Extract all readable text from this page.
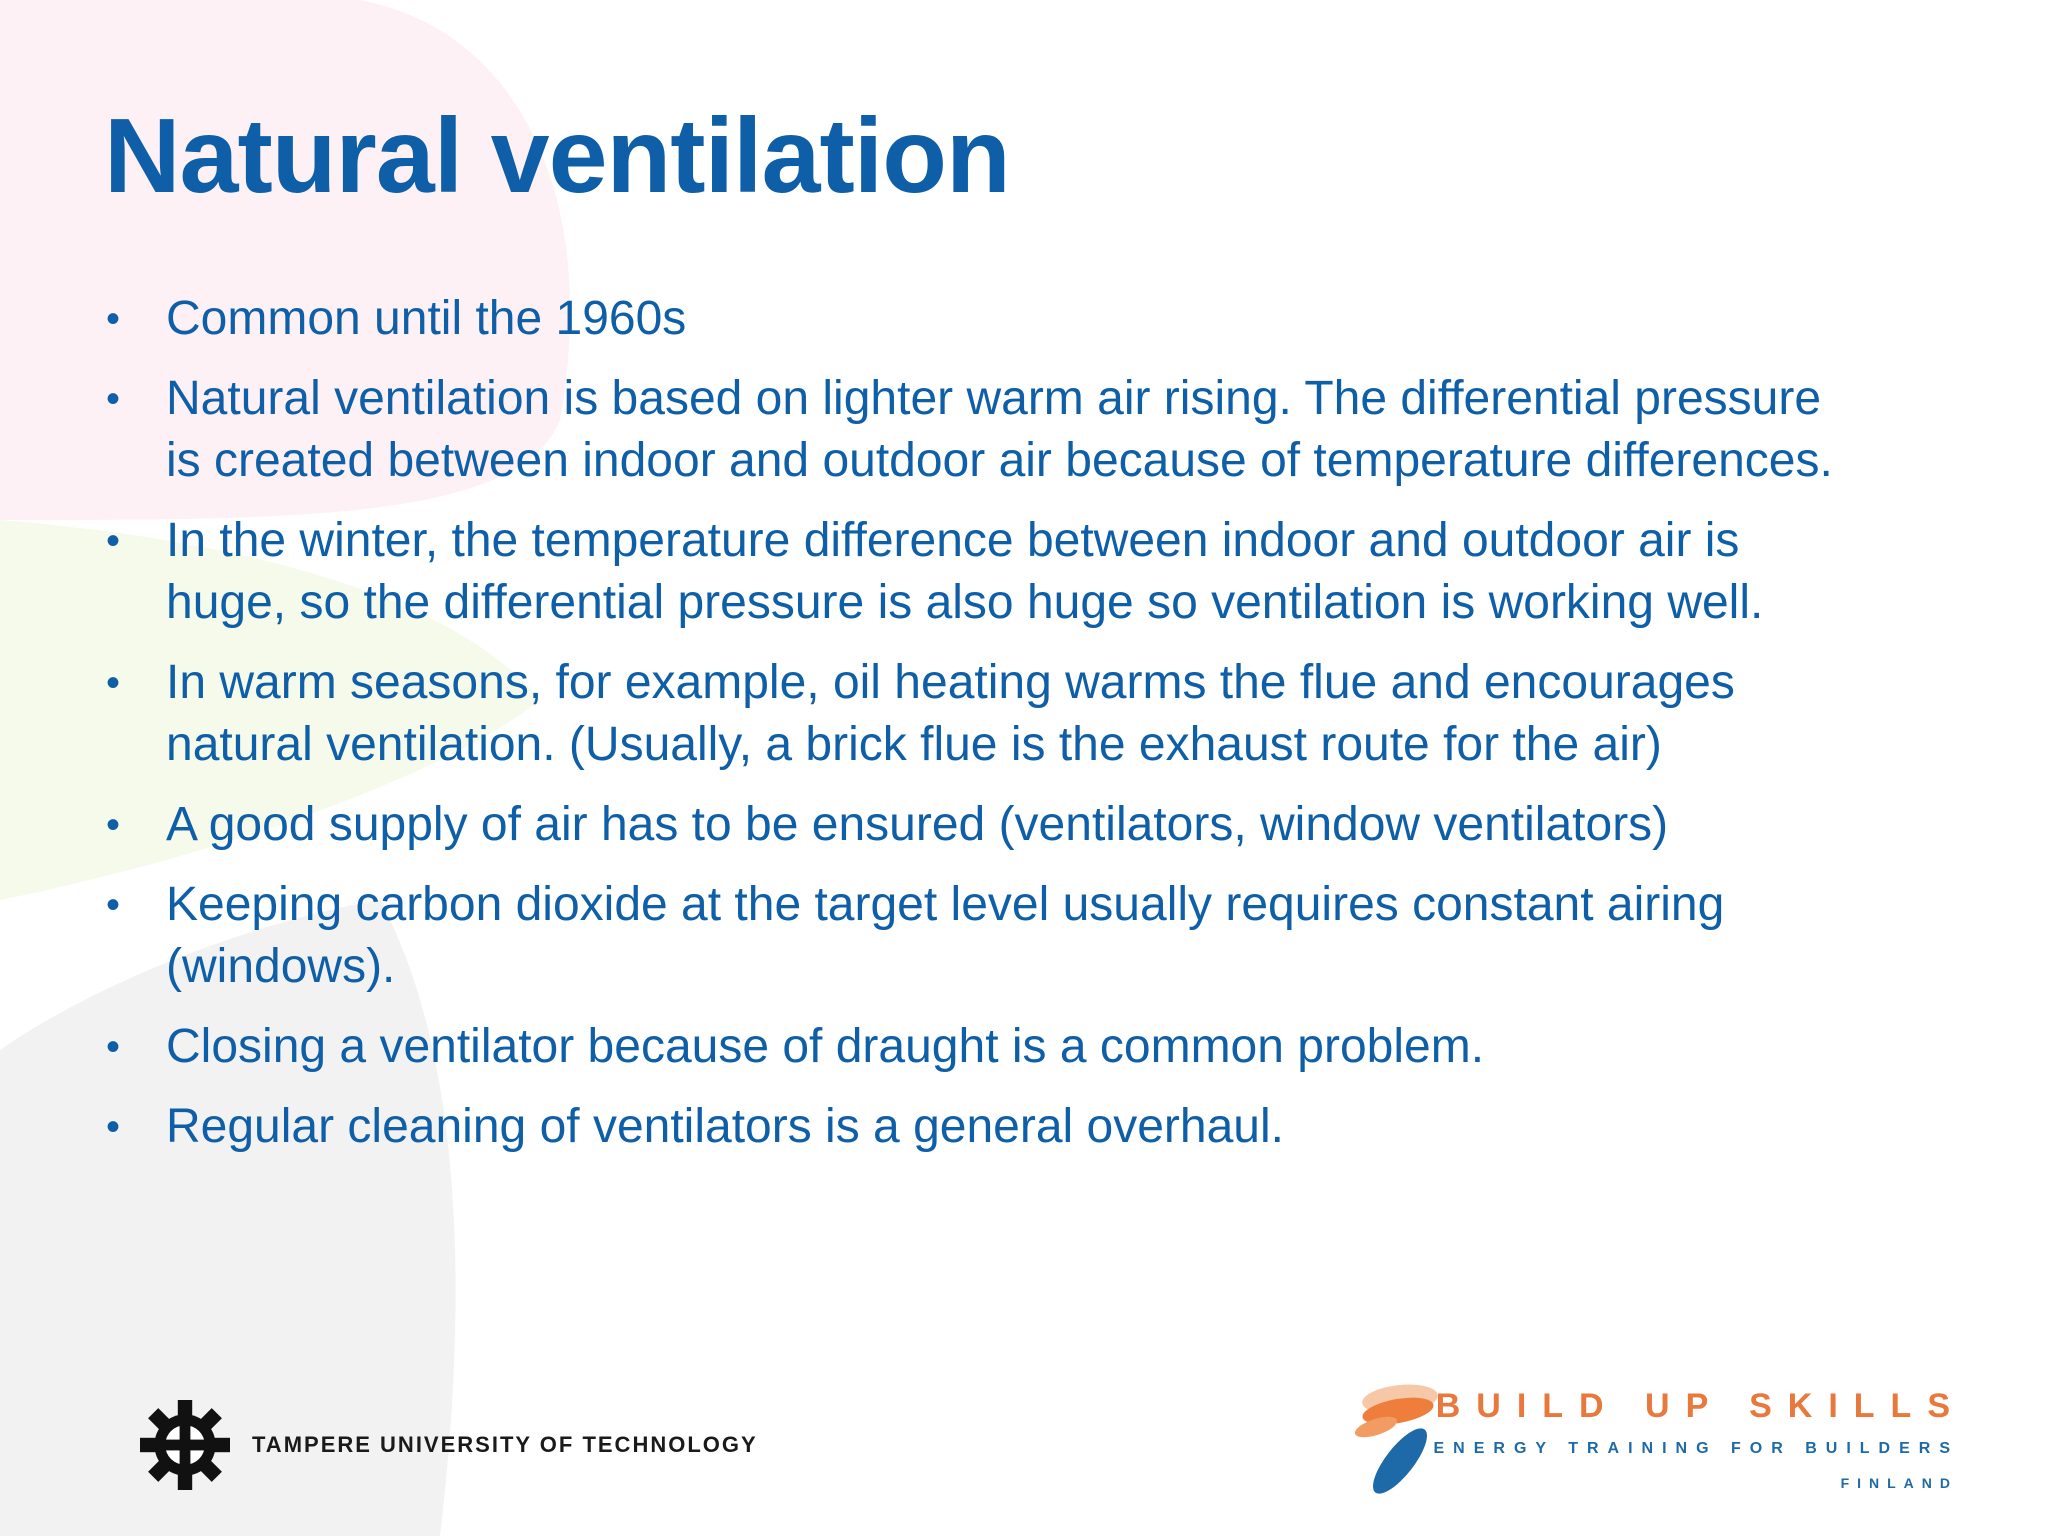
Natural ventilation
• Common until the 1960s
• Natural ventilation is based on lighter warm air rising. The differential pressure
is created between indoor and outdoor air because of temperature differences.
• In the winter, the temperature difference between indoor and outdoor air is
huge, so the differential pressure is also huge so ventilation is working well.
• In warm seasons, for example, oil heating warms the flue and encourages
natural ventilation. (Usually, a brick flue is the exhaust route for the air)
• A good supply of air has to be ensured (ventilators, window ventilators)
• Keeping carbon dioxide at the target level usually requires constant airing
(windows).
• Closing a ventilator because of draught is a common problem.
• Regular cleaning of ventilators is a general overhaul.
TAMPERE UNIVERSITY OF TECHNOLOGY
BUILD UP SKILLS
ENERGY TRAINING FOR BUILDERS
FINLAND
